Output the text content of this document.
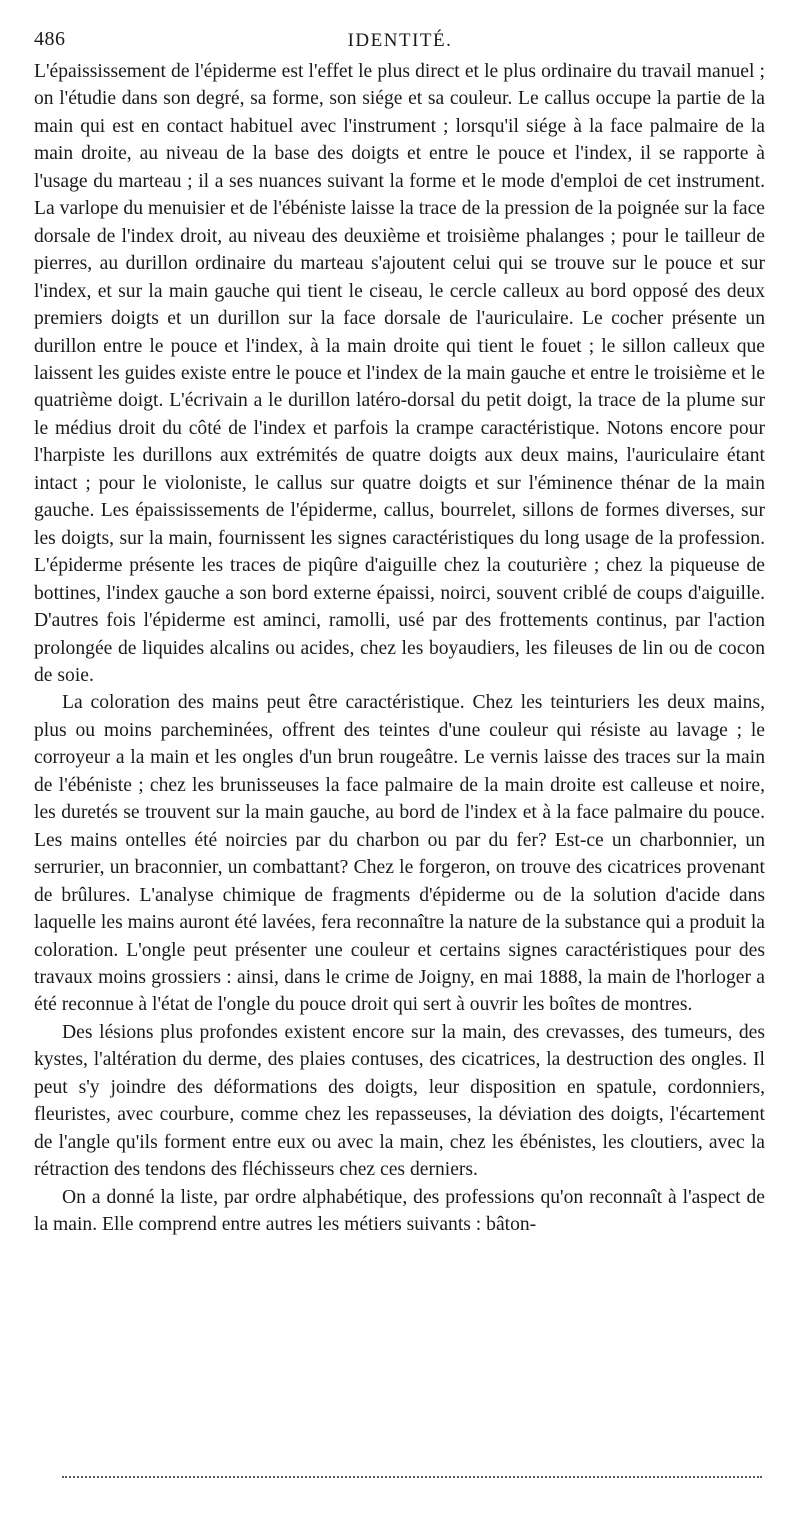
486	IDENTITÉ.

L'épaississement de l'épiderme est l'effet le plus direct et le plus ordinaire du travail manuel ; on l'étudie dans son degré, sa forme, son siége et sa couleur. Le callus occupe la partie de la main qui est en contact habituel avec l'instrument ; lorsqu'il siége à la face palmaire de la main droite, au niveau de la base des doigts et entre le pouce et l'index, il se rapporte à l'usage du marteau ; il a ses nuances suivant la forme et le mode d'emploi de cet instrument. La varlope du menuisier et de l'ébéniste laisse la trace de la pression de la poignée sur la face dorsale de l'index droit, au niveau des deuxième et troisième phalanges ; pour le tailleur de pierres, au durillon ordinaire du marteau s'ajoutent celui qui se trouve sur le pouce et sur l'index, et sur la main gauche qui tient le ciseau, le cercle calleux au bord opposé des deux premiers doigts et un durillon sur la face dorsale de l'auriculaire. Le cocher présente un durillon entre le pouce et l'index, à la main droite qui tient le fouet ; le sillon calleux que laissent les guides existe entre le pouce et l'index de la main gauche et entre le troisième et le quatrième doigt. L'écrivain a le durillon latéro-dorsal du petit doigt, la trace de la plume sur le médius droit du côté de l'index et parfois la crampe caractéristique. Notons encore pour l'harpiste les durillons aux extrémités de quatre doigts aux deux mains, l'auriculaire étant intact ; pour le violoniste, le callus sur quatre doigts et sur l'éminence thénar de la main gauche. Les épaississements de l'épiderme, callus, bourrelet, sillons de formes diverses, sur les doigts, sur la main, fournissent les signes caractéristiques du long usage de la profession. L'épiderme présente les traces de piqûre d'aiguille chez la couturière ; chez la piqueuse de bottines, l'index gauche a son bord externe épaissi, noirci, souvent criblé de coups d'aiguille. D'autres fois l'épiderme est aminci, ramolli, usé par des frottements continus, par l'action prolongée de liquides alcalins ou acides, chez les boyaudiers, les fileuses de lin ou de cocon de soie.

La coloration des mains peut être caractéristique. Chez les teinturiers les deux mains, plus ou moins parcheminées, offrent des teintes d'une couleur qui résiste au lavage ; le corroyeur a la main et les ongles d'un brun rougeâtre. Le vernis laisse des traces sur la main de l'ébéniste ; chez les brunisseuses la face palmaire de la main droite est calleuse et noire, les duretés se trouvent sur la main gauche, au bord de l'index et à la face palmaire du pouce. Les mains ontelles été noircies par du charbon ou par du fer? Est-ce un charbonnier, un serrurier, un braconnier, un combattant? Chez le forgeron, on trouve des cicatrices provenant de brûlures. L'analyse chimique de fragments d'épiderme ou de la solution d'acide dans laquelle les mains auront été lavées, fera reconnaître la nature de la substance qui a produit la coloration. L'ongle peut présenter une couleur et certains signes caractéristiques pour des travaux moins grossiers : ainsi, dans le crime de Joigny, en mai 1888, la main de l'horloger a été reconnue à l'état de l'ongle du pouce droit qui sert à ouvrir les boîtes de montres.

Des lésions plus profondes existent encore sur la main, des crevasses, des tumeurs, des kystes, l'altération du derme, des plaies contuses, des cicatrices, la destruction des ongles. Il peut s'y joindre des déformations des doigts, leur disposition en spatule, cordonniers, fleuristes, avec courbure, comme chez les repasseuses, la déviation des doigts, l'écartement de l'angle qu'ils forment entre eux ou avec la main, chez les ébénistes, les cloutiers, avec la rétraction des tendons des fléchisseurs chez ces derniers.

On a donné la liste, par ordre alphabétique, des professions qu'on reconnaît à l'aspect de la main. Elle comprend entre autres les métiers suivants : bâton-
